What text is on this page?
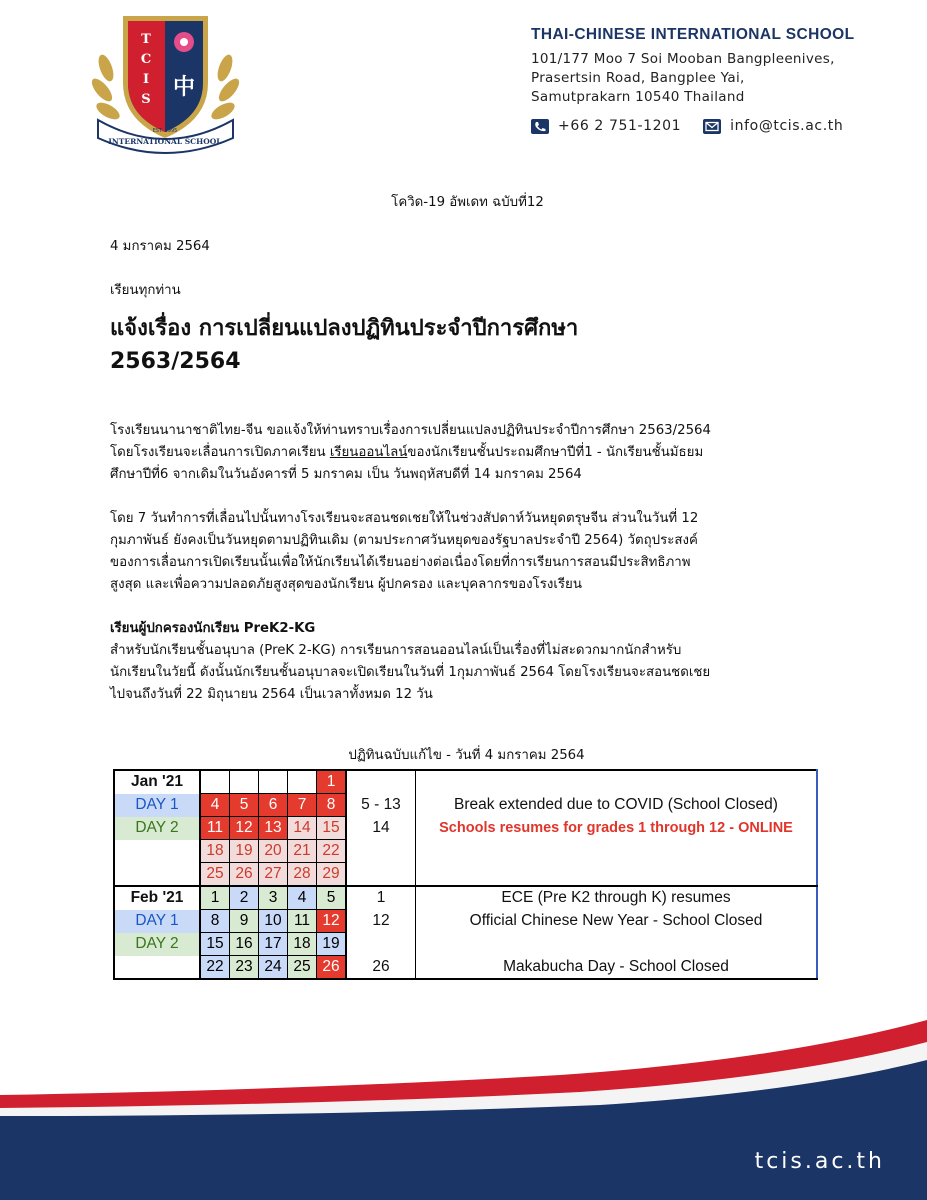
T
C
I
S 中
INTERNATIONAL SCHOOL
EST. 1995
THAI-CHINESE INTERNATIONAL SCHOOL
101/177 Moo 7 Soi Mooban Bangpleenives,
Prasertsin Road, Bangplee Yai,
Samutprakarn 10540 Thailand
+66 2 751-1201	info@tcis.ac.th
โควิด-19 อัพเดท ฉบับที่12
4 มกราคม 2564
เรียนทุกท่าน
แจ้งเรื่อง การเปลี่ยนแปลงปฏิทินประจำปีการศึกษา
2563/2564
โรงเรียนนานาชาติไทย-จีน ขอแจ้งให้ท่านทราบเรื่องการเปลี่ยนแปลงปฏิทินประจำปีการศึกษา 2563/2564
โดยโรงเรียนจะเลื่อนการเปิดภาคเรียน เรียนออนไลน์ของนักเรียนชั้นประถมศึกษาปีที่1 - นักเรียนชั้นมัธยม
ศึกษาปีที่6 จากเดิมในวันอังคารที่ 5 มกราคม เป็น วันพฤหัสบดีที่ 14 มกราคม 2564
โดย 7 วันทำการที่เลื่อนไปนั้นทางโรงเรียนจะสอนชดเชยให้ในช่วงสัปดาห์วันหยุดตรุษจีน ส่วนในวันที่ 12
กุมภาพันธ์ ยังคงเป็นวันหยุดตามปฏิทินเดิม (ตามประกาศวันหยุดของรัฐบาลประจำปี 2564) วัตถุประสงค์
ของการเลื่อนการเปิดเรียนนั้นเพื่อให้นักเรียนได้เรียนอย่างต่อเนื่องโดยที่การเรียนการสอนมีประสิทธิภาพ
สูงสุด และเพื่อความปลอดภัยสูงสุดของนักเรียน ผู้ปกครอง และบุคลากรของโรงเรียน
เรียนผู้ปกครองนักเรียน PreK2-KG
สำหรับนักเรียนชั้นอนุบาล (PreK 2-KG) การเรียนการสอนออนไลน์เป็นเรื่องที่ไม่สะดวกมากนักสำหรับ
นักเรียนในวัยนี้ ดังนั้นนักเรียนชั้นอนุบาลจะเปิดเรียนในวันที่ 1กุมภาพันธ์ 2564 โดยโรงเรียนจะสอนชดเชย
ไปจนถึงวันที่ 22 มิถุนายน 2564 เป็นเวลาทั้งหมด 12 วัน
ปฏิทินฉบับแก้ไข - วันที่ 4 มกราคม 2564
Jan '21					1		
DAY 1	4	5	6	7	8	5 - 13	Break extended due to COVID (School Closed)
DAY 2	11	12	13	14	15	14	Schools resumes for grades 1 through 12 - ONLINE
	18	19	20	21	22		
	25	26	27	28	29		
Feb '21	1	2	3	4	5	1	ECE (Pre K2 through K) resumes
DAY 1	8	9	10	11	12	12	Official Chinese New Year - School Closed
DAY 2	15	16	17	18	19		
	22	23	24	25	26	26	Makabucha Day - School Closed
tcis.ac.th
